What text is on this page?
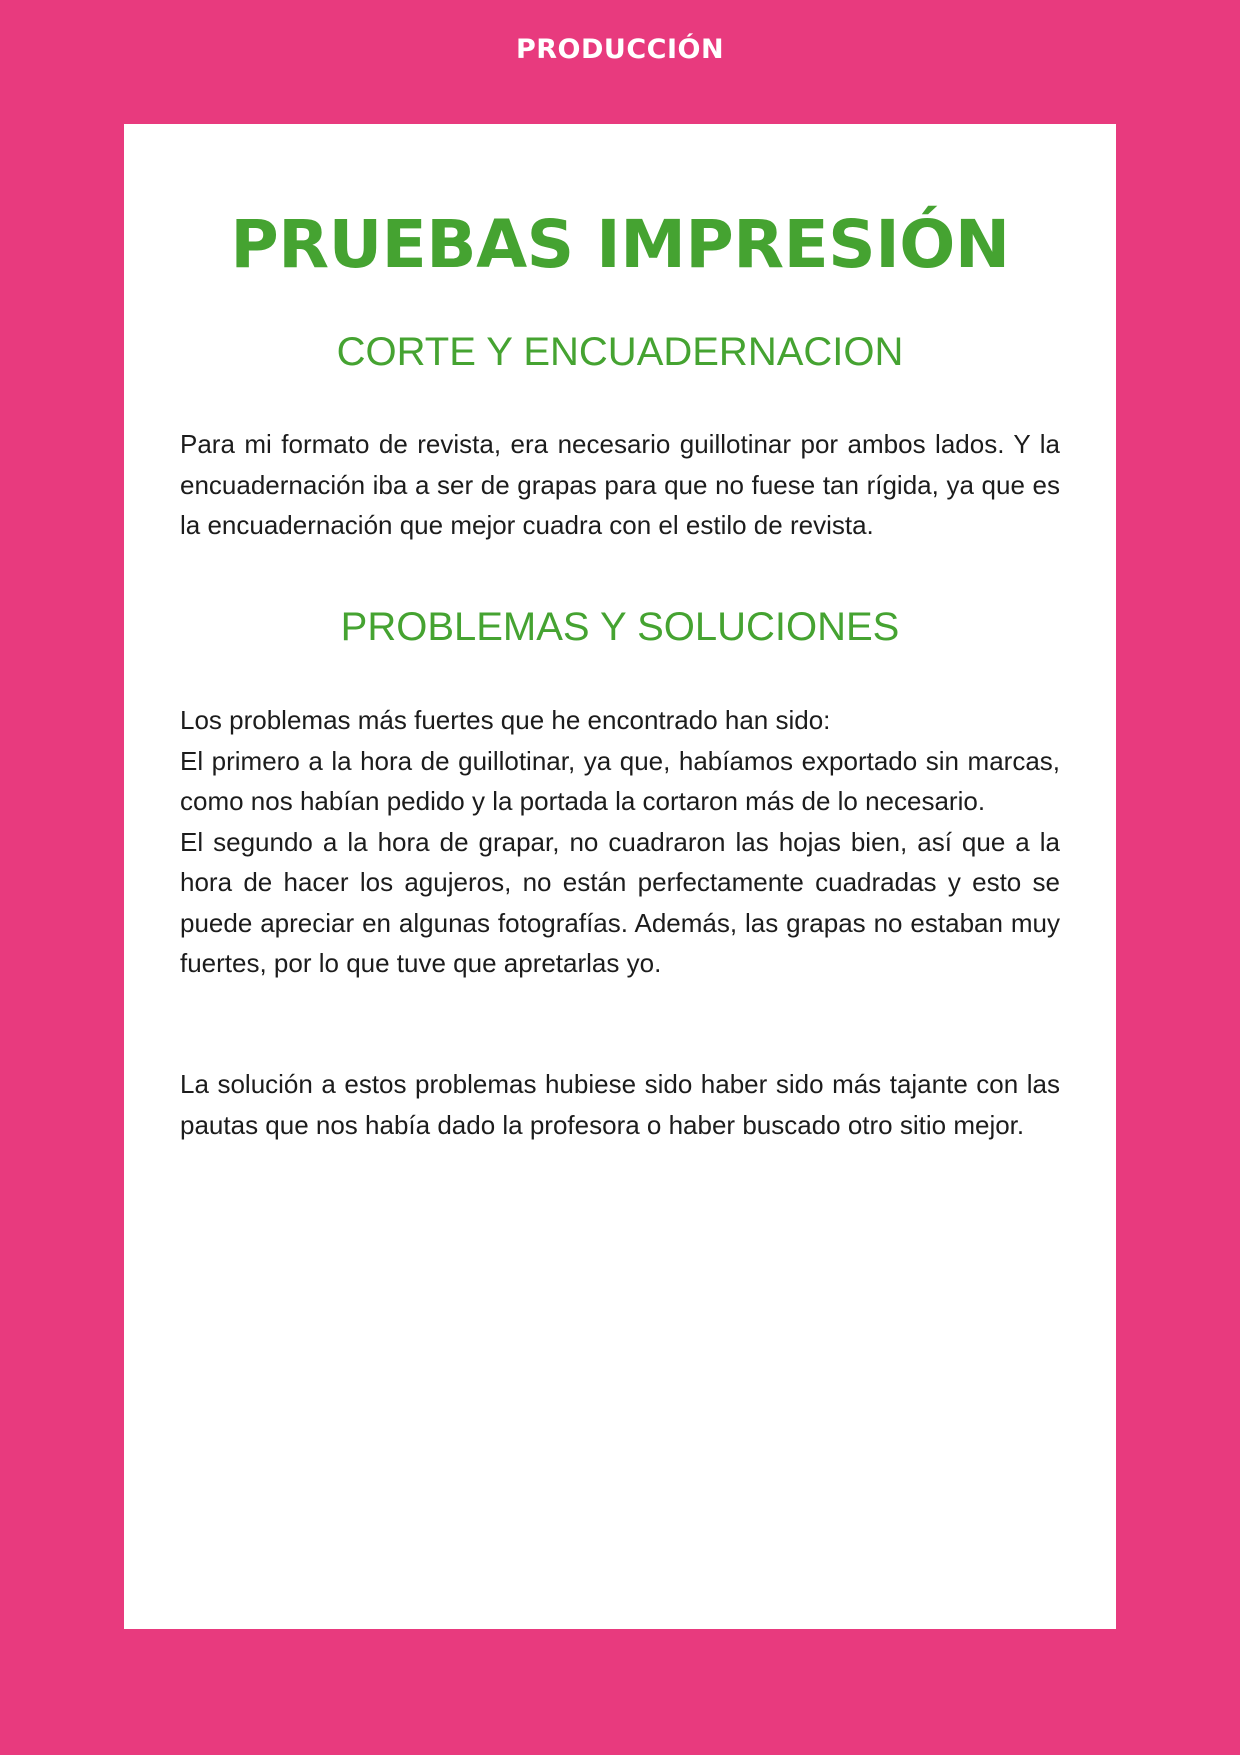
PRODUCCIÓN
PRUEBAS IMPRESIÓN
CORTE Y ENCUADERNACION

Para mi formato de revista, era necesario guillotinar por ambos lados. Y la encuadernación iba a ser de grapas para que no fuese tan rígida, ya que es la encuadernación que mejor cuadra con el estilo de revista.

PROBLEMAS Y SOLUCIONES

Los problemas más fuertes que he encontrado han sido:

El primero a la hora de guillotinar, ya que, habíamos exportado sin marcas, como nos habían pedido y la portada la cortaron más de lo necesario.

El segundo a la hora de grapar, no cuadraron las hojas bien, así que a la hora de hacer los agujeros, no están perfectamente cuadradas y esto se puede apreciar en algunas fotografías. Además, las grapas no estaban muy fuertes, por lo que tuve que apretarlas yo.

La solución a estos problemas hubiese sido haber sido más tajante con las pautas que nos había dado la profesora o haber buscado otro sitio mejor.
